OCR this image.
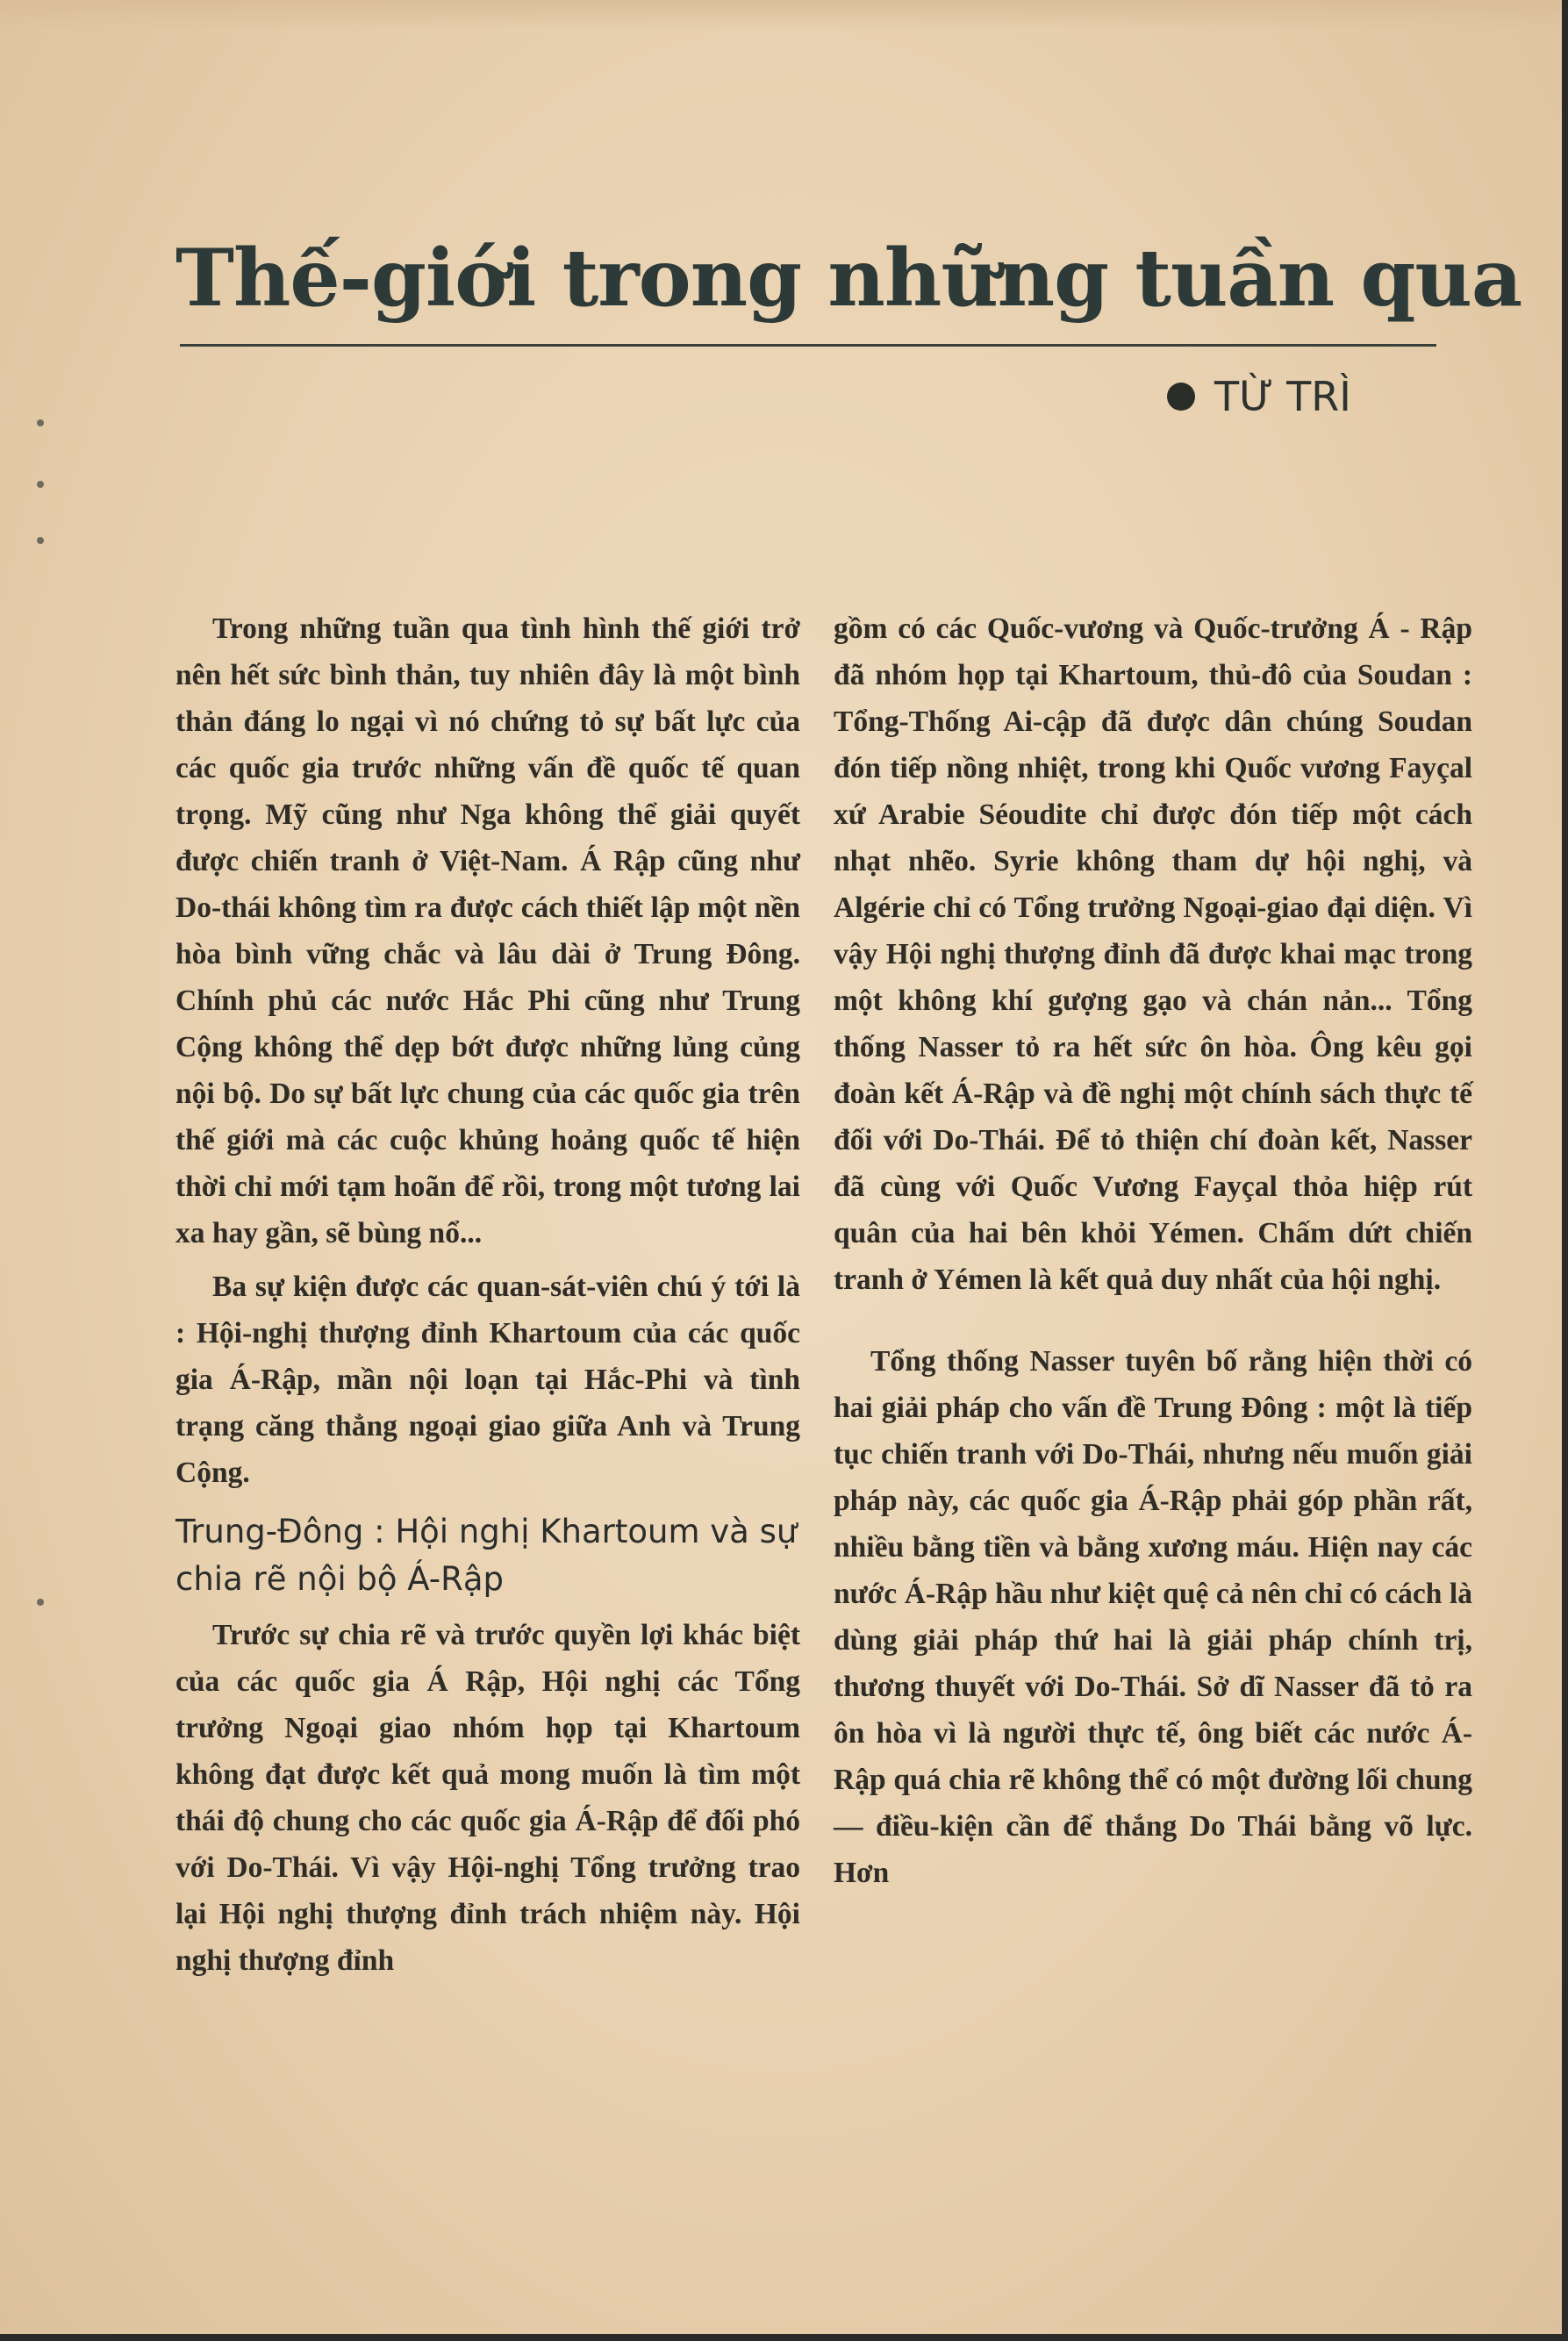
Thế-giới trong những tuần qua
TỪ TRÌ

Trong những tuần qua tình hình thế giới trở nên hết sức bình thản, tuy nhiên đây là một bình thản đáng lo ngại vì nó chứng tỏ sự bất lực của các quốc gia trước những vấn đề quốc tế quan trọng. Mỹ cũng như Nga không thể giải quyết được chiến tranh ở Việt-Nam. Á Rập cũng như Do-thái không tìm ra được cách thiết lập một nền hòa bình vững chắc và lâu dài ở Trung Đông. Chính phủ các nước Hắc Phi cũng như Trung Cộng không thể dẹp bớt được những lủng củng nội bộ. Do sự bất lực chung của các quốc gia trên thế giới mà các cuộc khủng hoảng quốc tế hiện thời chỉ mới tạm hoãn để rồi, trong một tương lai xa hay gần, sẽ bùng nổ...

Ba sự kiện được các quan-sát-viên chú ý tới là : Hội-nghị thượng đỉnh Khartoum của các quốc gia Á-Rập, mần nội loạn tại Hắc-Phi và tình trạng căng thẳng ngoại giao giữa Anh và Trung Cộng.

Trung-Đông : Hội nghị Khartoum và sự chia rẽ nội bộ Á-Rập

Trước sự chia rẽ và trước quyền lợi khác biệt của các quốc gia Á Rập, Hội nghị các Tổng trưởng Ngoại giao nhóm họp tại Khartoum không đạt được kết quả mong muốn là tìm một thái độ chung cho các quốc gia Á-Rập để đối phó với Do-Thái. Vì vậy Hội-nghị Tổng trưởng trao lại Hội nghị thượng đỉnh trách nhiệm này. Hội nghị thượng đỉnh

gồm có các Quốc-vương và Quốc-trưởng Á - Rập đã nhóm họp tại Khartoum, thủ-đô của Soudan : Tổng-Thống Ai-cập đã được dân chúng Soudan đón tiếp nồng nhiệt, trong khi Quốc vương Fayçal xứ Arabie Séoudite chỉ được đón tiếp một cách nhạt nhẽo. Syrie không tham dự hội nghị, và Algérie chỉ có Tổng trưởng Ngoại-giao đại diện. Vì vậy Hội nghị thượng đỉnh đã được khai mạc trong một không khí gượng gạo và chán nản... Tổng thống Nasser tỏ ra hết sức ôn hòa. Ông kêu gọi đoàn kết Á-Rập và đề nghị một chính sách thực tế đối với Do-Thái. Để tỏ thiện chí đoàn kết, Nasser đã cùng với Quốc Vương Fayçal thỏa hiệp rút quân của hai bên khỏi Yémen. Chấm dứt chiến tranh ở Yémen là kết quả duy nhất của hội nghị.

Tổng thống Nasser tuyên bố rằng hiện thời có hai giải pháp cho vấn đề Trung Đông : một là tiếp tục chiến tranh với Do-Thái, nhưng nếu muốn giải pháp này, các quốc gia Á-Rập phải góp phần rất, nhiều bằng tiền và bằng xương máu. Hiện nay các nước Á-Rập hầu như kiệt quệ cả nên chỉ có cách là dùng giải pháp thứ hai là giải pháp chính trị, thương thuyết với Do-Thái. Sở dĩ Nasser đã tỏ ra ôn hòa vì là người thực tế, ông biết các nước Á-Rập quá chia rẽ không thể có một đường lối chung — điều-kiện cần để thắng Do Thái bằng võ lực. Hơn
